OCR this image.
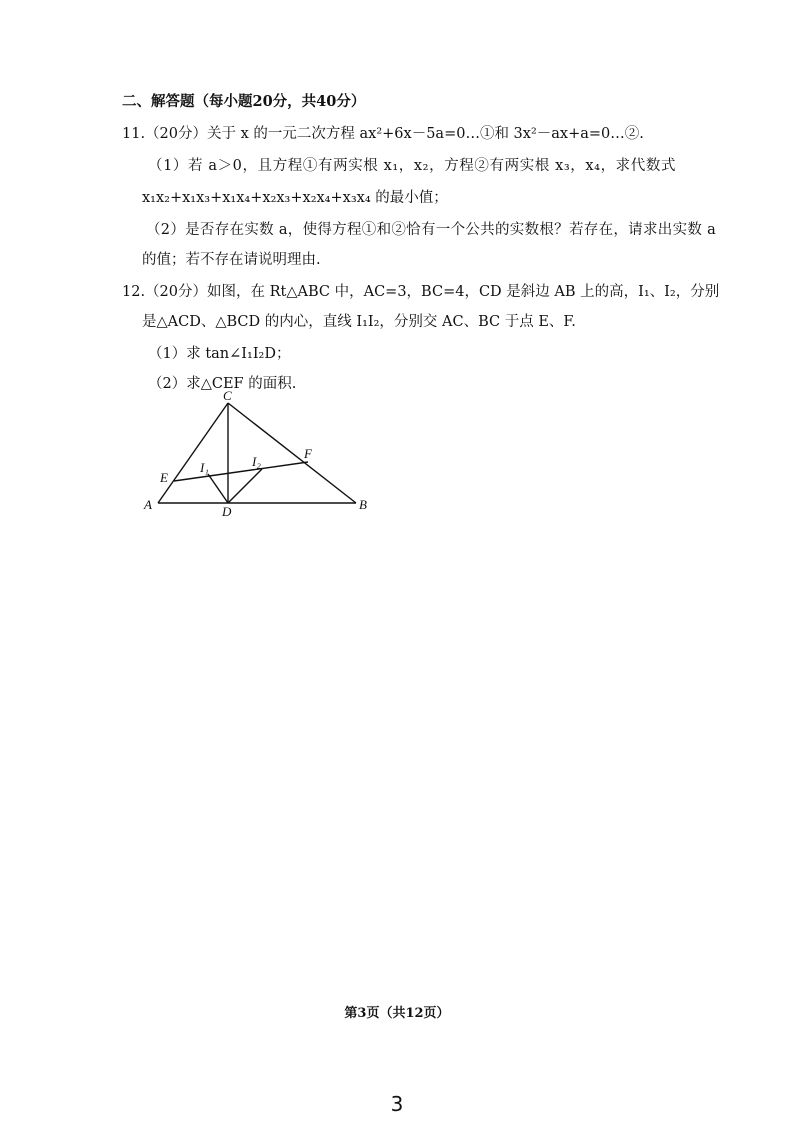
二、解答题（每小题20分，共40分）
11.（20分）关于 x 的一元二次方程 ax²+6x－5a=0…①和 3x²－ax+a=0…②.
（1）若 a＞0，且方程①有两实根 x₁，x₂，方程②有两实根 x₃，x₄，求代数式
x₁x₂+x₁x₃+x₁x₄+x₂x₃+x₂x₄+x₃x₄ 的最小值；
（2）是否存在实数 a，使得方程①和②恰有一个公共的实数根？若存在，请求出实数 a
的值；若不存在请说明理由.
12.（20分）如图，在 Rt△ABC 中，AC=3，BC=4，CD 是斜边 AB 上的高，I₁、I₂，分别
是△ACD、△BCD 的内心，直线 I₁I₂，分别交 AC、BC 于点 E、F.
（1）求 tan∠I₁I₂D；
（2）求△CEF 的面积.
C
A	B
D
E
F
I₁	I₂
第3页（共12页）
3
